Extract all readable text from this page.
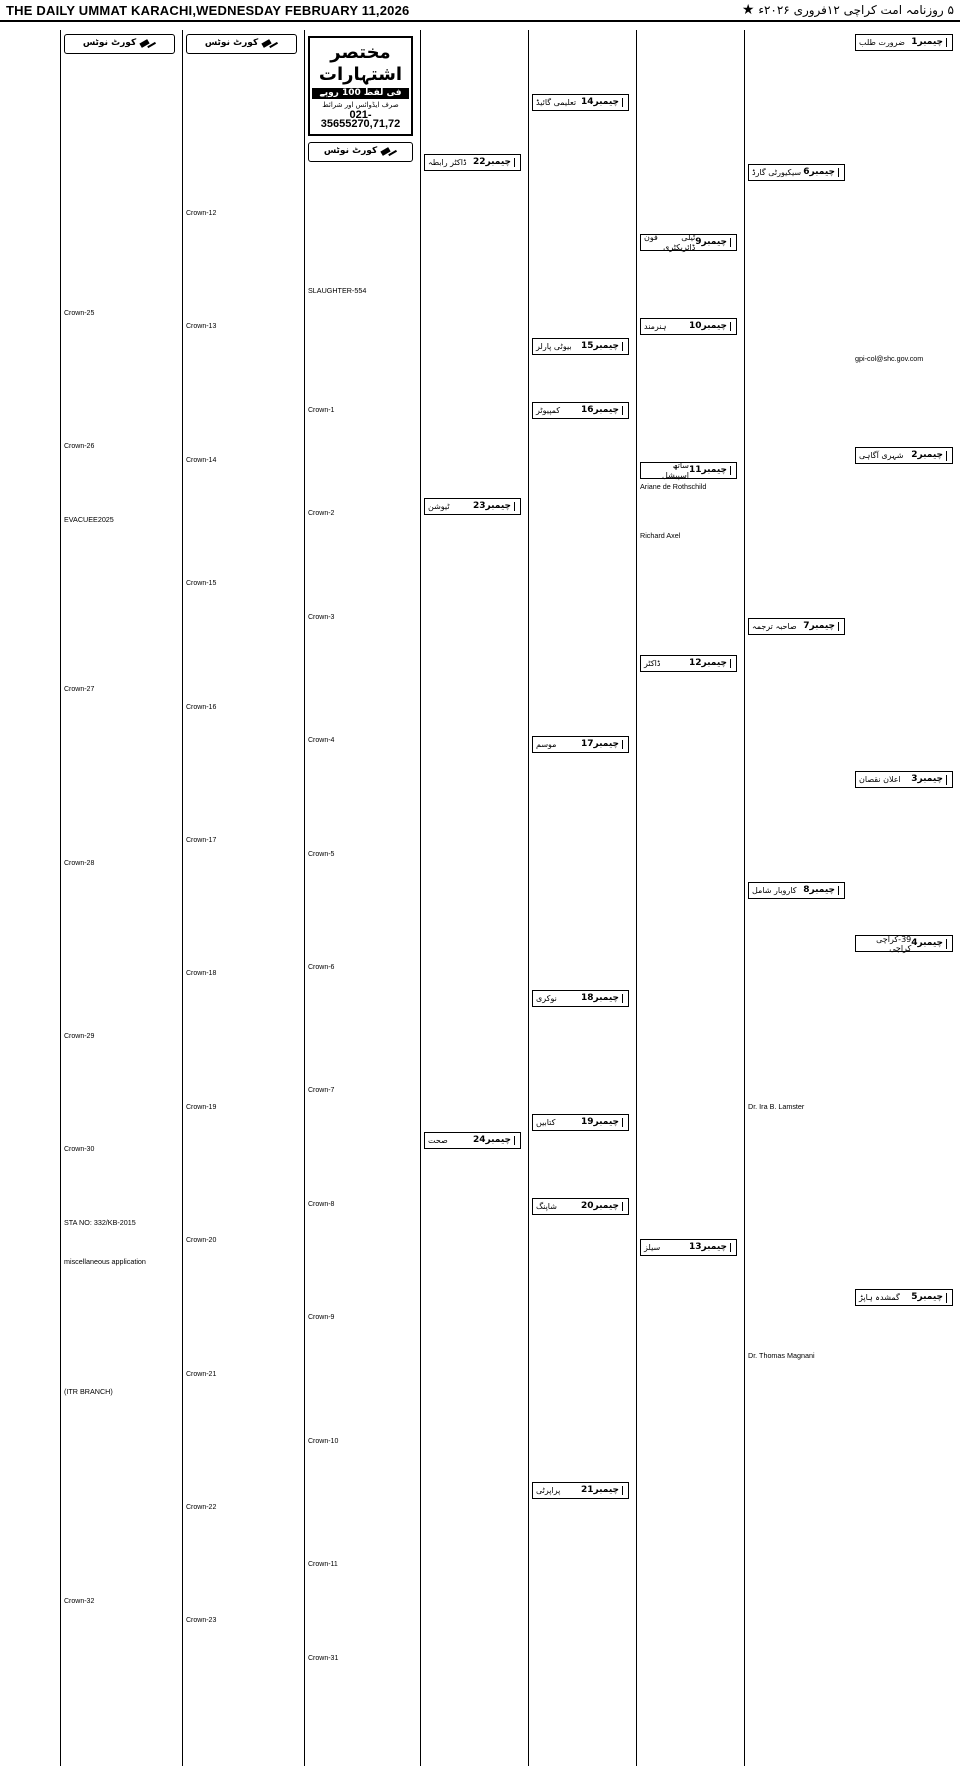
THE DAILY UMMAT KARACHI,WEDNESDAY FEBRUARY 11,2026	۵ روزنامہ امت کراچی ۱۲فروری ۲۰۲۶ء ★
چیمبر1
ضرورت طلب
gpi-col@shc.gov.com
چیمبر2
شہری آگاہی
چیمبر3
اعلان نقصان
چیمبر4
39-کراچی کراچی
چیمبر5
گمشدہ ہاپڑ
چیمبر6
سیکیورٹی گارڈ
چیمبر7
صاحبہ ترجمہ
چیمبر8
کاروبار شامل
Dr. Ira B. Lamster
Dr. Thomas Magnani
چیمبر9
ٹیلی فون ڈائریکٹری
چیمبر10
ہنرمند
چیمبر11
ساتھ اسپیشل
Ariane de Rothschild
Richard Axel
چیمبر12
ڈاکٹر
چیمبر13
سیلز
چیمبر14
تعلیمی گائیڈ
چیمبر15
بیوٹی پارلر
چیمبر16
کمپیوٹر
چیمبر17
موسم
چیمبر18
نوکری
چیمبر19
کتابیں
چیمبر20
شاپنگ
چیمبر21
پراپرٹی
چیمبر22
ڈاکٹر رابطہ
چیمبر23
ٹیوشن
چیمبر24
صحت
مختصر اشتہارات
فی لفظ 100 روپے
صرف ایڈوائس اور شرائط
021-35655270,71,72
کورٹ نوٹس
SLAUGHTER-554
Crown-1
Crown-2
Crown-3
Crown-4
Crown-5
Crown-6
Crown-7
Crown-8
Crown-9
Crown-10
Crown-11
Crown-31
کورٹ نوٹس
Crown-12
Crown-13
Crown-14
Crown-15
Crown-16
Crown-17
Crown-18
Crown-19
Crown-20
Crown-21
Crown-22
Crown-23
کورٹ نوٹس
Crown-25
Crown-26
EVACUEE2025
Crown-27
Crown-28
Crown-29
Crown-30
STA NO: 332/KB-2015
miscellaneous application
(ITR BRANCH)
Crown-32
